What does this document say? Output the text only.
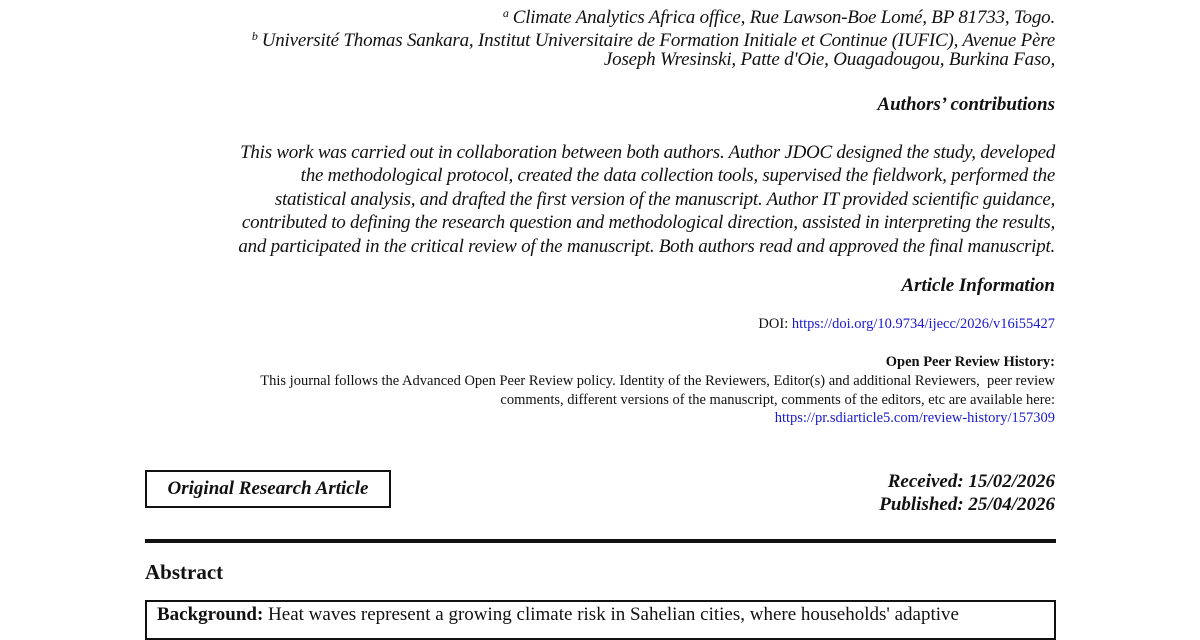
$^a$ Climate Analytics Africa office, Rue Lawson-Boe Lomé, BP 81733, Togo.
$^b$ Université Thomas Sankara, Institut Universitaire de Formation Initiale et Continue (IUFIC), Avenue Père
Joseph Wresinski, Patte d'Oie, Ouagadougou, Burkina Faso,
Authors’ contributions
This work was carried out in collaboration between both authors. Author JDOC designed the study, developed
the methodological protocol, created the data collection tools, supervised the fieldwork, performed the
statistical analysis, and drafted the first version of the manuscript. Author IT provided scientific guidance,
contributed to defining the research question and methodological direction, assisted in interpreting the results,
and participated in the critical review of the manuscript. Both authors read and approved the final manuscript.
Article Information
DOI: https://doi.org/10.9734/ijecc/2026/v16i55427
Open Peer Review History:
This journal follows the Advanced Open Peer Review policy. Identity of the Reviewers, Editor(s) and additional Reviewers,  peer review
comments, different versions of the manuscript, comments of the editors, etc are available here:
https://pr.sdiarticle5.com/review-history/157309
Original Research Article	Received: 15/02/2026
Published: 25/04/2026
Abstract
Background: Heat waves represent a growing climate risk in Sahelian cities, where households' adaptive
